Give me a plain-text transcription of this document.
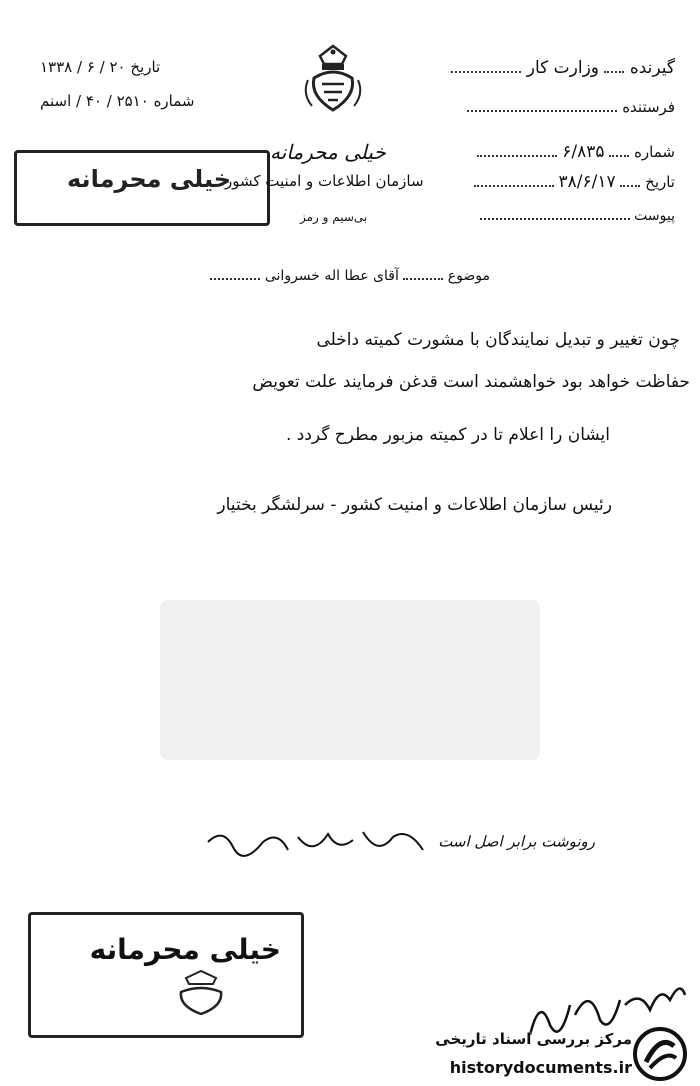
گیرنده  وزارت کار
فرستنده
شماره  ۶/۸۳۵
تاریخ  ۳۸/۶/۱۷
پیوست
تاریخ ۲۰ / ۶ / ۱۳۳۸
شماره ۲۵۱۰ / ۴۰ / اسنم
خیلی محرمانه
خیلی محرمانه
سازمان اطلاعات و امنیت کشور
بی‌سیم و رمز
موضوع  آقای عطا اله خسروانی
چون تغییر و تبدیل نمایندگان با مشورت کمیته داخلی
حفاظت خواهد بود خواهشمند است قدغن فرمایند علت تعویض
ایشان را اعلام تا در کمیته مزبور مطرح گردد .
رئیس سازمان اطلاعات و امنیت کشور - سرلشگر بختیار
رونوشت برابر اصل است
خیلی محرمانه
مرکز بررسی اسناد تاریخی
historydocuments.ir
